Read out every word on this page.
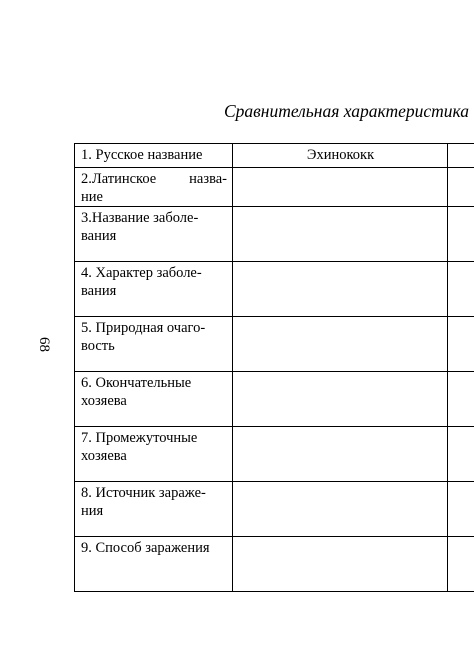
Сравнительная характеристика
68
1. Русское название	Эхинококк	

2.Латинское назва-
ние		

3.Название заболе-
вания		

4. Характер заболе-
вания		

5. Природная очаго-
вость		

6. Окончательные
хозяева		

7. Промежуточные
хозяева		

8. Источник зараже-
ния		

9. Способ заражения		
